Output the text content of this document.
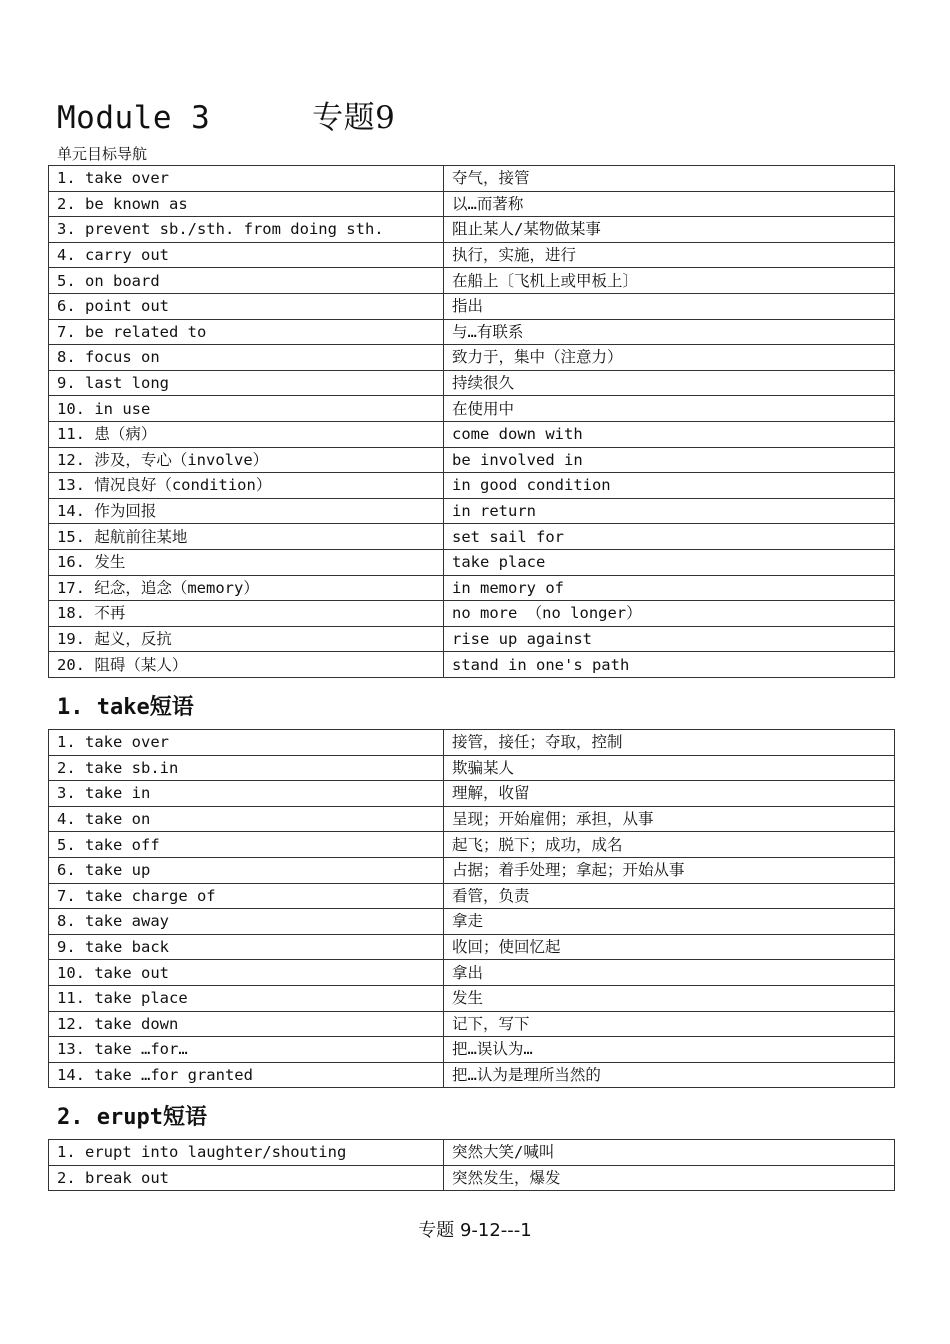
Module 3	专题9
单元目标导航
1. take over	夺气，接管
2. be known as	以…而著称
3. prevent sb./sth. from doing sth.	阻止某人/某物做某事
4. carry out	执行，实施，进行
5. on board	在船上〔飞机上或甲板上〕
6. point out	指出
7. be related to	与…有联系
8. focus on	致力于，集中（注意力）
9. last long	持续很久
10. in use	在使用中
11. 患（病）	come down with
12. 涉及，专心（involve）	be involved in
13. 情况良好（condition）	in good condition
14. 作为回报	in return
15. 起航前往某地	set sail for
16. 发生	take place
17. 纪念，追念（memory）	in memory of
18. 不再	no more （no longer）
19. 起义，反抗	rise up against
20. 阻碍（某人）	stand in one's path
1. take短语
1. take over	接管，接任；夺取，控制
2. take sb.in	欺骗某人
3. take in	理解，收留
4. take on	呈现；开始雇佣；承担，从事
5. take off	起飞；脱下；成功，成名
6. take up	占据；着手处理；拿起；开始从事
7. take charge of	看管，负责
8. take away	拿走
9. take back	收回；使回忆起
10. take out	拿出
11. take place	发生
12. take down	记下，写下
13. take …for…	把…误认为…
14. take …for granted	把…认为是理所当然的
2. erupt短语
1. erupt into laughter/shouting	突然大笑/喊叫
2. break out	突然发生，爆发
专题 9-12---1
